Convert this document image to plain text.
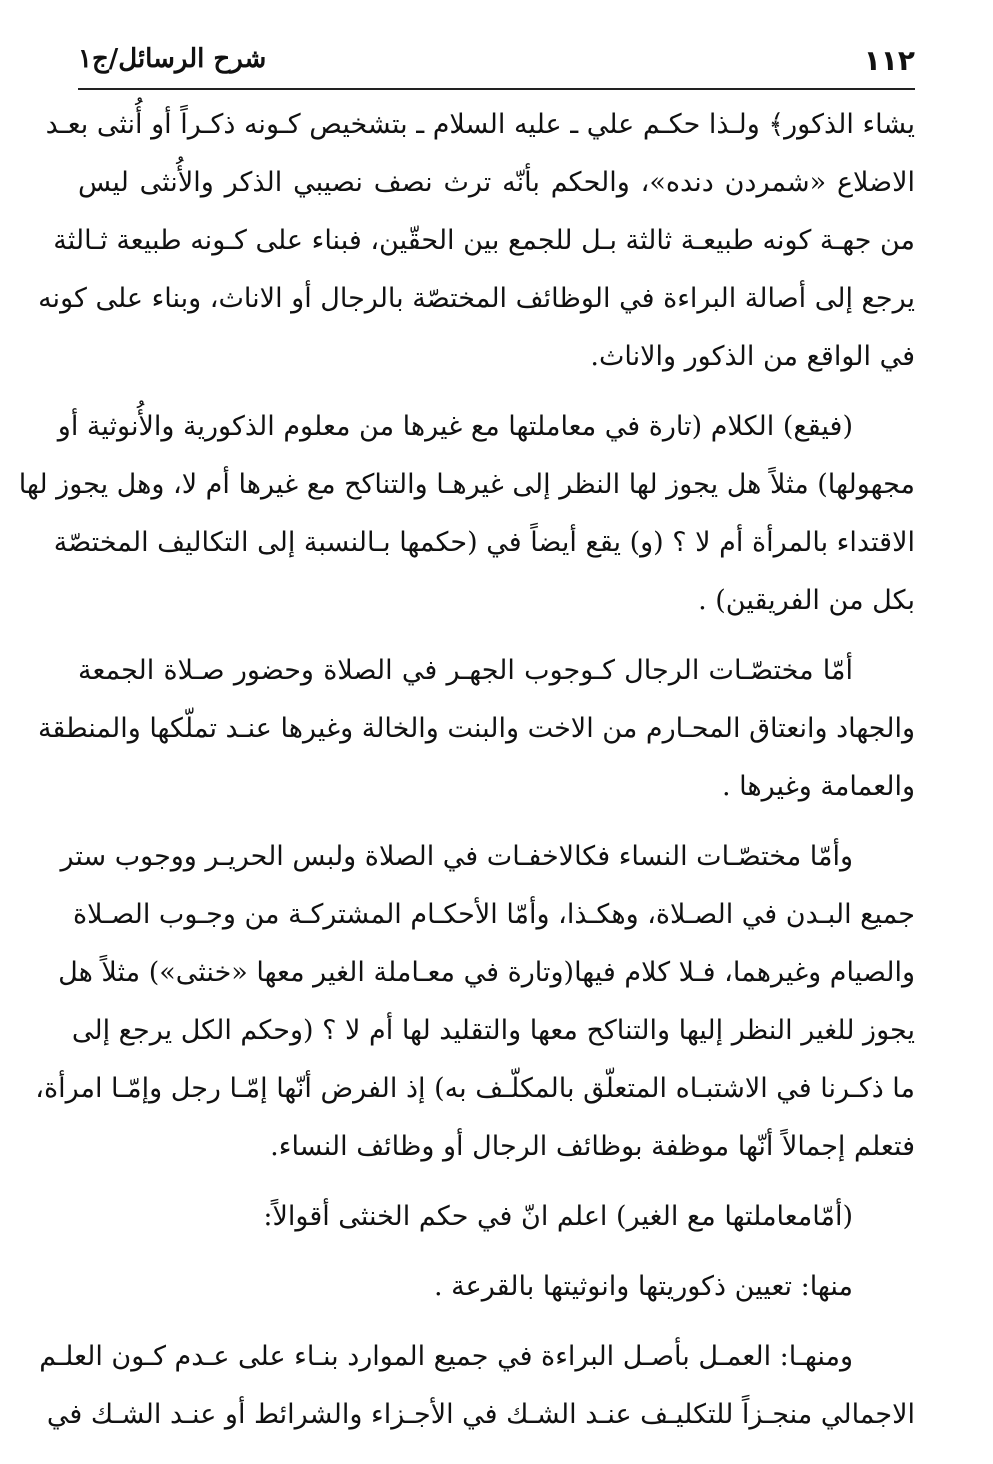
١١٢
شرح الرسائل/ج١
يشاء الذكور﴾ ولـذا حكـم علي ـ عليه السلام ـ بتشخيص كـونه ذكـراً أو أُنثى بعـد
الاضلاع «شمردن دنده»، والحكم بأنّه ترث نصف نصيبي الذكر والأُنثى ليس
من جهـة كونه طبيعـة ثالثة بـل للجمع بين الحقّين، فبناء على كـونه طبيعة ثـالثة
يرجع إلى أصالة البراءة في الوظائف المختصّة بالرجال أو الاناث، وبناء على كونه
في الواقع من الذكور والاناث.
(فيقع) الكلام (تارة في معاملتها مع غيرها من معلوم الذكورية والأُنوثية أو
مجهولها) مثلاً هل يجوز لها النظر إلى غيرهـا والتناكح مع غيرها أم لا، وهل يجوز لها
الاقتداء بالمرأة أم لا ؟ (و) يقع أيضاً في (حكمها بـالنسبة إلى التكاليف المختصّة
بكل من الفريقين) .
أمّا مختصّـات الرجال كـوجوب الجهـر في الصلاة وحضور صـلاة الجمعة
والجهاد وانعتاق المحـارم من الاخت والبنت والخالة وغيرها عنـد تملّكها والمنطقة
والعمامة وغيرها .
وأمّا مختصّـات النساء فكالاخفـات في الصلاة ولبس الحريـر ووجوب ستر
جميع البـدن في الصـلاة، وهكـذا، وأمّا الأحكـام المشتركـة من وجـوب الصـلاة
والصيام وغيرهما، فـلا كلام فيها(وتارة في معـاملة الغير معها «خنثى») مثلاً هل
يجوز للغير النظر إليها والتناكح معها والتقليد لها أم لا ؟ (وحكم الكل يرجع إلى
ما ذكـرنا في الاشتبـاه المتعلّق بالمكلّـف به) إذ الفرض أنّها إمّـا رجل وإمّـا امرأة،
فتعلم إجمالاً أنّها موظفة بوظائف الرجال أو وظائف النساء.
(أمّامعاملتها مع الغير) اعلم انّ في حكم الخنثى أقوالاً:
منها: تعيين ذكوريتها وانوثيتها بالقرعة .
ومنهـا: العمـل بأصـل البراءة في جميع الموارد بنـاء على عـدم كـون العلـم
الاجمالي منجـزاً للتكليـف عنـد الشـك في الأجـزاء والشرائط أو عنـد الشـك في
